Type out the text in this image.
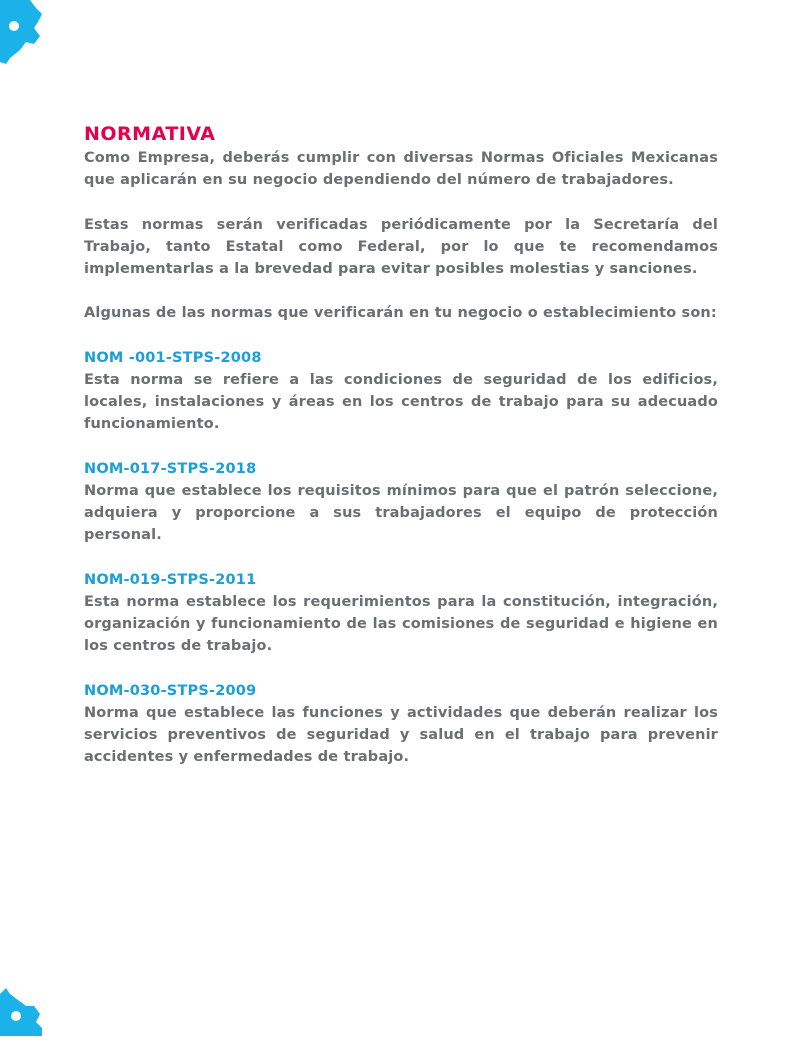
NORMATIVA

Como Empresa, deberás cumplir con diversas Normas Oficiales Mexicanas que aplicarán en su negocio dependiendo del número de trabajadores.

Estas normas serán verificadas periódicamente por la Secretaría del Trabajo, tanto Estatal como Federal, por lo que te recomendamos implementarlas a la brevedad para evitar posibles molestias y sanciones.

Algunas de las normas que verificarán en tu negocio o establecimiento son:

NOM -001-STPS-2008

Esta norma se refiere a las condiciones de seguridad de los edificios, locales, instalaciones y áreas en los centros de trabajo para su adecuado funcionamiento.

NOM-017-STPS-2018

Norma que establece los requisitos mínimos para que el patrón seleccione, adquiera y proporcione a sus trabajadores el equipo de protección personal.

NOM-019-STPS-2011

Esta norma establece los requerimientos para la constitución, integración, organización y funcionamiento de las comisiones de seguridad e higiene en los centros de trabajo.

NOM-030-STPS-2009

Norma que establece las funciones y actividades que deberán realizar los servicios preventivos de seguridad y salud en el trabajo para prevenir accidentes y enfermedades de trabajo.
